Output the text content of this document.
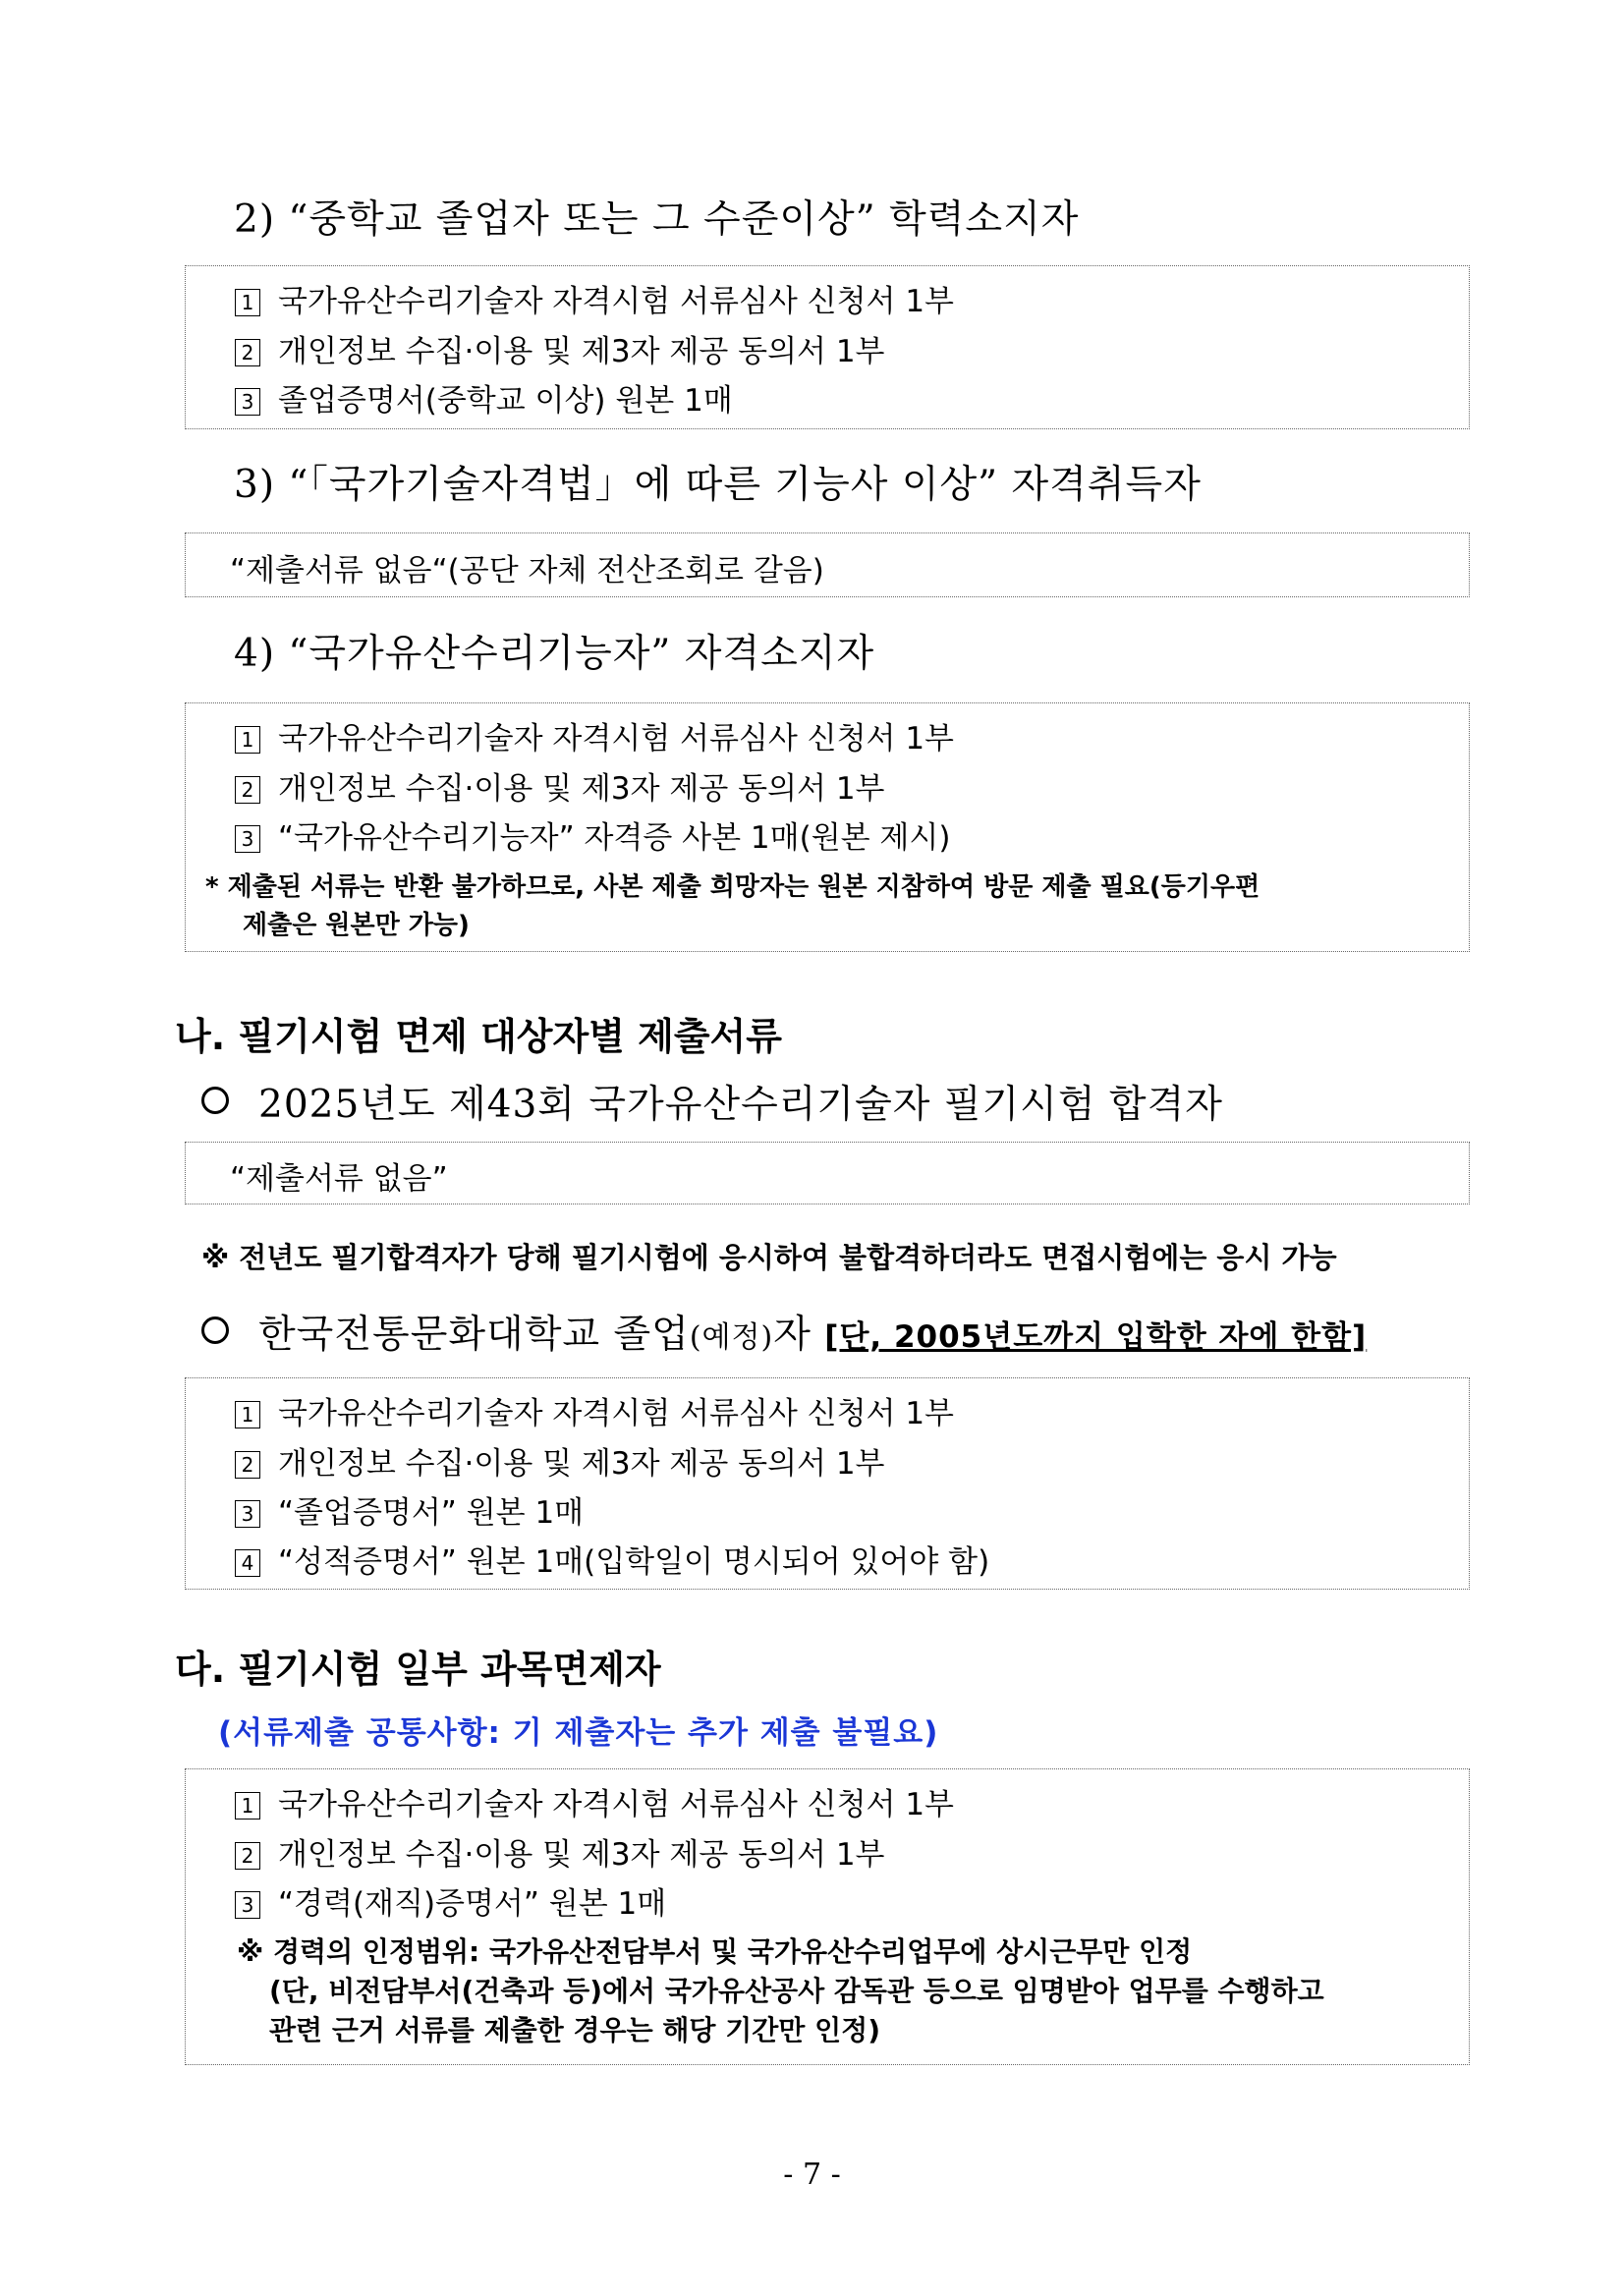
2) “중학교 졸업자 또는 그 수준이상” 학력소지자
1 국가유산수리기술자 자격시험 서류심사 신청서 1부
2 개인정보 수집·이용 및 제3자 제공 동의서 1부
3 졸업증명서(중학교 이상) 원본 1매
3) “「국가기술자격법」에 따른 기능사 이상” 자격취득자
“제출서류 없음“(공단 자체 전산조회로 갈음)
4) “국가유산수리기능자” 자격소지자
1 국가유산수리기술자 자격시험 서류심사 신청서 1부
2 개인정보 수집·이용 및 제3자 제공 동의서 1부
3 “국가유산수리기능자” 자격증 사본 1매(원본 제시)
* 제출된 서류는 반환 불가하므로, 사본 제출 희망자는 원본 지참하여 방문 제출 필요(등기우편
제출은 원본만 가능)
나. 필기시험 면제 대상자별 제출서류
2025년도 제43회 국가유산수리기술자 필기시험 합격자
“제출서류 없음”
※ 전년도 필기합격자가 당해 필기시험에 응시하여 불합격하더라도 면접시험에는 응시 가능
한국전통문화대학교 졸업(예정)자 [단, 2005년도까지 입학한 자에 한함]
1 국가유산수리기술자 자격시험 서류심사 신청서 1부
2 개인정보 수집·이용 및 제3자 제공 동의서 1부
3 “졸업증명서” 원본 1매
4 “성적증명서” 원본 1매(입학일이 명시되어 있어야 함)
다. 필기시험 일부 과목면제자
(서류제출 공통사항: 기 제출자는 추가 제출 불필요)
1 국가유산수리기술자 자격시험 서류심사 신청서 1부
2 개인정보 수집·이용 및 제3자 제공 동의서 1부
3 “경력(재직)증명서” 원본 1매
※ 경력의 인정범위: 국가유산전담부서 및 국가유산수리업무에 상시근무만 인정
(단, 비전담부서(건축과 등)에서 국가유산공사 감독관 등으로 임명받아 업무를 수행하고
관련 근거 서류를 제출한 경우는 해당 기간만 인정)
- 7 -
